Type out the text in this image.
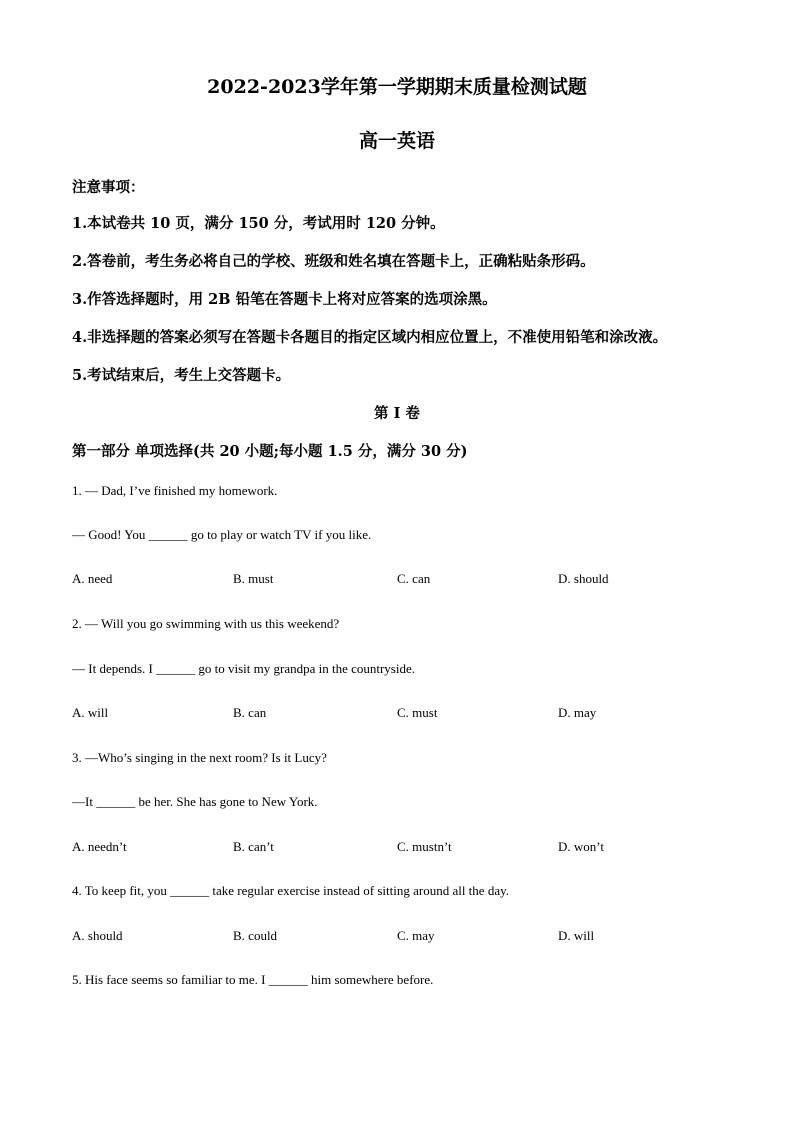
2022-2023学年第一学期期末质量检测试题
高一英语
注意事项：
1.本试卷共 10 页，满分 150 分，考试用时 120 分钟。
2.答卷前，考生务必将自己的学校、班级和姓名填在答题卡上，正确粘贴条形码。
3.作答选择题时，用 2B 铅笔在答题卡上将对应答案的选项涂黑。
4.非选择题的答案必须写在答题卡各题目的指定区域内相应位置上，不准使用铅笔和涂改液。
5.考试结束后，考生上交答题卡。
第 I 卷
第一部分 单项选择(共 20 小题;每小题 1.5 分，满分 30 分)
1. — Dad, I’ve finished my homework.
— Good! You ______ go to play or watch TV if you like.
A. need	B. must	C. can	D. should
2. — Will you go swimming with us this weekend?
— It depends. I ______ go to visit my grandpa in the countryside.
A. will	B. can	C. must	D. may
3. —Who’s singing in the next room? Is it Lucy?
—It ______ be her. She has gone to New York.
A. needn’t	B. can’t	C. mustn’t	D. won’t
4. To keep fit, you ______ take regular exercise instead of sitting around all the day.
A. should	B. could	C. may	D. will
5. His face seems so familiar to me. I ______ him somewhere before.
